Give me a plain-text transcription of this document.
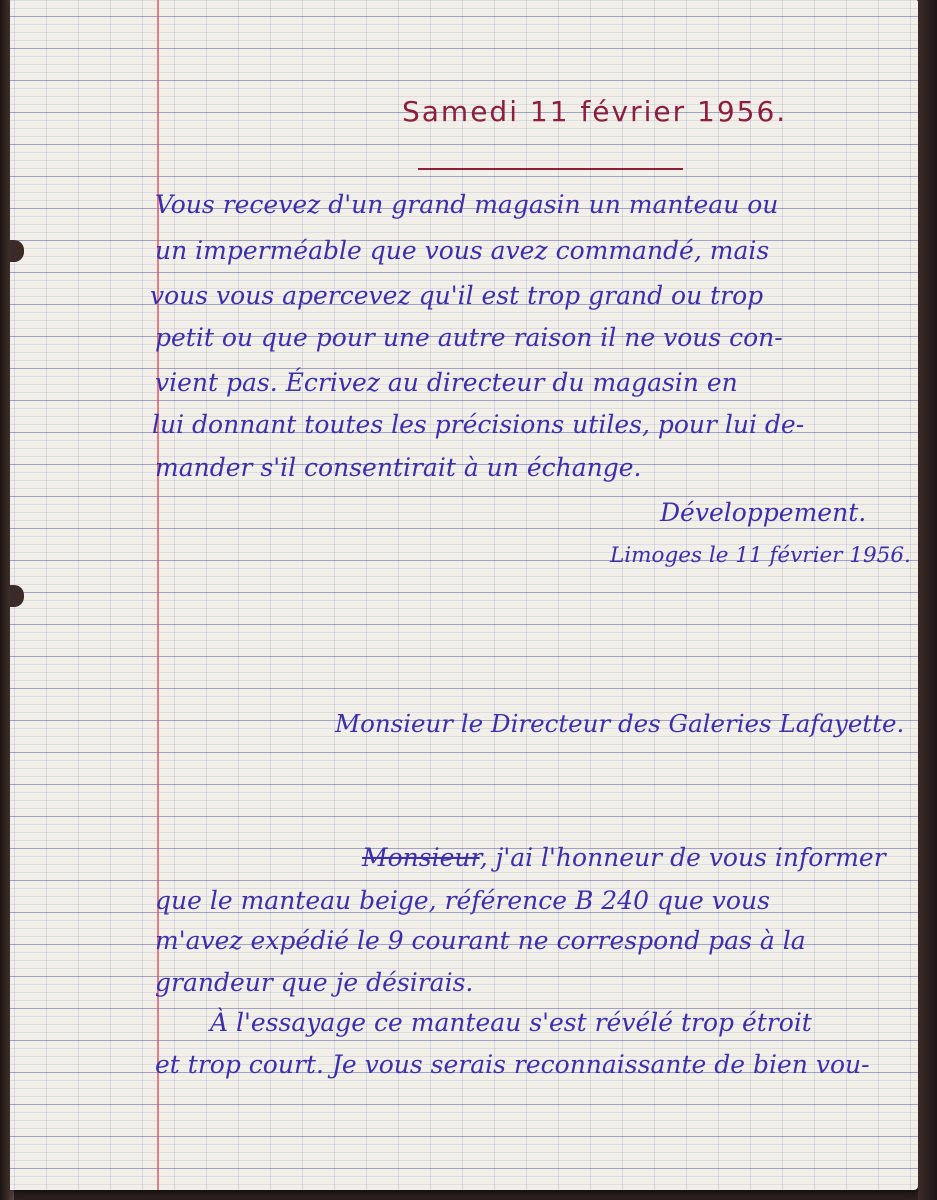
Samedi 11 février 1956.
Vous recevez d'un grand magasin un manteau ou
un imperméable que vous avez commandé, mais
vous vous apercevez qu'il est trop grand ou trop
petit ou que pour une autre raison il ne vous con-
vient pas. Écrivez au directeur du magasin en
lui donnant toutes les précisions utiles, pour lui de-
mander s'il consentirait à un échange.
Développement.
Limoges le 11 février 1956.
Monsieur le Directeur des Galeries Lafayette.
Monsieur, j'ai l'honneur de vous informer
que le manteau beige, référence B 240 que vous
m'avez expédié le 9 courant ne correspond pas à la
grandeur que je désirais.
À l'essayage ce manteau s'est révélé trop étroit
et trop court. Je vous serais reconnaissante de bien vou-
